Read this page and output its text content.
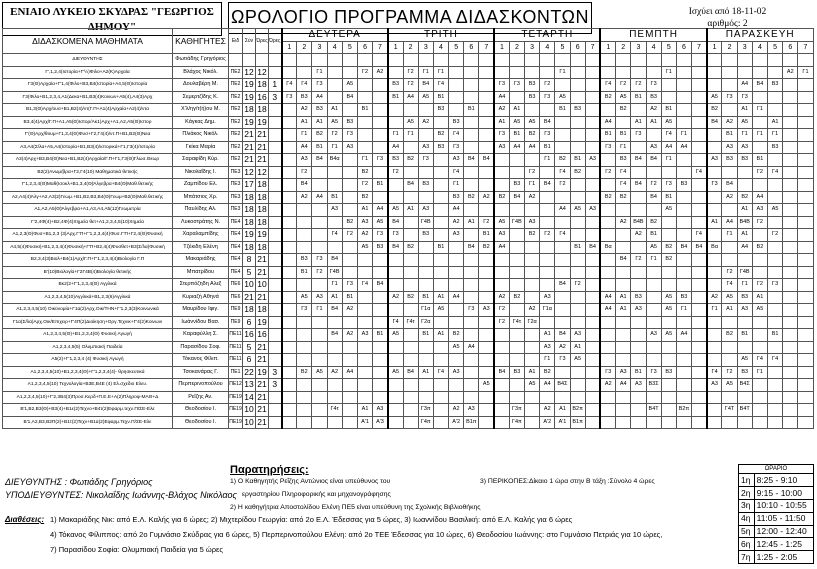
ΕΝΙΑΙΟ ΛΥΚΕΙΟ ΣΚΥΔΡΑΣ "ΓΕΩΡΓΙΟΣ
ΔΗΜΟΥ"	ΩΡΟΛΟΓΙΟ ΠΡΟΓΡΑΜΜΑ ΔΙΔΑΣΚΟΝΤΩΝ	Ισχύει από 18-11-02
αριθμός: 2
ΔΙΔΑΣΚΟΜΕΝΑ ΜΑΘΗΜΑΤΑ	ΚΑΘΗΓΗΤΕΣ	Ειδ	Σύν	Ώρες	Ώρες	ΔΕΥΤΕΡΑ							ΤΡΙΤΗ							ΤΕΤΑΡΤΗ							ΠΕΜΠΤΗ							ΠΑΡΑΣΚΕΥΗ						
						1	2	3	4	5	6	7	1	2	3	4	5	6	7	1	2	3	4	5	6	7	1	2	3	4	5	6	7	1	2	3	4	5	6	7
ΔΙΕΥΘΥΝΤΗΣ	Φωτιάδης Γρηγόριος																																							
Γ',1,2,4(Ιστορία+Γ'½)Φιλο+Α2(Κ)Αρχαία	Βλάχος Νικόλ.	ΠΕ2	12	12				Γ1			Γ2	Α2		Γ2	Γ1	Γ1								Γ1							Γ1								Α2	Γ1
Γ3(Θ)Αρχαία+Γ'1,4(Φιλο+Β3,Β4(Ιστορία+Α4,5(Θ)Ιστορία	Δουλαβέρη Μ.	ΠΕ2	19	18	1	Γ4	Γ4	Γ3		Α5			Β3	Γ2	Β4	Γ4				Γ3	Γ3	Β3	Γ2				Γ4	Γ2	Γ2	Γ3						Α4	Β4	Β3		
Γ3(Φιλο+Β1,2,3,4,Α1(Δεκα+Β1,Β3(4)Κοινων+Α5(4),Α4(3)Αρχ	Σεμερτζίδης Κ.	ΠΕ2	19	16	3	Γ3	Β3	Α4		Β4			Β1	Α4	Α5	Β1				Α4		Β3	Γ3	Α5			Β2	Α5	Β1	Β3				Α5	Γ3	Γ3				
Β1,3(Θ)Αρχ/ουσ+Β1,Β2(4)/ντ(Γ.Π+Α1(4)Αρχαία+Α2(4)/ντα	Χ'λ/ηγ/τ(ή)ου Μ.	ΠΕ2	18	18			Α2	Β3	Α1		Β1					Β3		Β1		Α2	Α1			Β1	Β3			Β2		Α2	Β1			Β2		Α1	Γ1			
Β3,4(4)Αρχ/Γ.Π+Α1,Α5(Θ)Ιστορ/Ακ1)Αρχ+Α1,Α2,Α5(Θ)Ιστορ	Κάγκας Δημ.	ΠΕ2	19	19			Α1	Α1	Α5	Β3				Α5	Α2		Β3			Α1	Α5	Α5	Β4				Α4		Α1	Α1	Α5			Β4	Α2	Α5		Α1		
Γ'(Θ)Αρχ/θουμ+Γ1,3,4(Θ)Φυσ+Γ2,Γ4(4)/ντ.Π+Β1,Β2(Θ)Νεα	Πλιάκος Νικόλ.	ΠΕ2	21	21			Γ1	Β2	Γ2	Γ3			Γ1	Γ1		Β2	Γ4			Γ3	Β1	Β2	Γ3				Β1	Β1	Γ3		Γ4	Γ1			Β1	Γ1	Γ1	Γ1		
Α3,Α4(Σ/λα+Α5,Α4(Ιστορία+Β1,Β3(4)/ιστορικά+Γ1,Γ3(4)/Ιστορία	Γκίκα Μαρία	ΠΕ2	21	21			Α4	Β1	Γ1	Α3			Α4		Α3	Β3	Γ3			Α3	Α4	Α4	Β1				Γ3	Γ1		Α3	Α4	Α4			Α3	Α3		Β3		
Α3(4)Αρχ+Β3,Β4(Θ)Νεα+Β1,Β2(4)Αρχαία/Γ.Π+Γ1,Γ3(Θ)Γλωσ.Θεωρ	Σαραφίδη Κύρ.	ΠΕ2	21	21			Α3	Β4	Β4α		Γ1	Γ3	Β3	Β2	Γ3		Α3	Β4	Β4				Γ1	Β2	Β1	Α3		Β3	Β4	Β4	Γ1			Α3	Β3	Β3	Β1			
Β2(2)Ανωμ/βρα+Γ2,Γ4(10) Μαθηματικά θετικής	Νικολαΐδης Ι.	ΠΕ3	12	12			Γ2				Β2		Γ2				Γ4					Γ2		Γ4	Β2		Γ2	Γ4					Γ4				Γ2	Γ4		
Γ'1,2,3,4(Θ)Μαθ(Ισοκλ+Β1,3,4(Θ)Άλγεβρα+Β4(Θ)Μαθ.θετικής	Ζαμπίδου Ελ.	ΠΕ3	17	18			Β4				Γ2	Β1		Β4	Β3		Γ1				Β3	Γ1	Β4	Γ2				Γ4	Β4	Γ2	Γ3	Β3		Γ3	Β4					
Α2,Α4(4)Άλγ+Α2,Α3(2)Γεωμ.+Β1,Β2,Β3,Β4(Θ)Γεωμ+Β2(Θ)Μαθ.θετικής	Μπάτσιος Χρ.	ΠΕ3	18	18			Α2	Α4	Β1		Β2						Β3	Β2	Α2	Β2	Β4	Α2					Β2	Β2		Β4	Β1				Α2	Β2	Α4			
Α1,Α2,Α5(Θ)Άλγεβρα+Α1,Α3,Α4,Α5(12)Γεωμετρία	Παυλίδης Αλ.	ΠΕ3	18	18					Α3		Α1	Α4	Α5	Α1	Α3		Α4							Α4	Α5	Α3					Α5					Α1	Α3	Α5		
Γ'2,4Φ(4)+Β2,4Φ(4)Χημεία θετ+Α1,2,3,4,5(10)Χημεία	Λυκοστράτης Ν.	ΠΕ4	18	18						Β2	Α3	Α5	Β4		Γ4Β		Α2	Α1	Γ2	Α5	Γ4Β	Α3						Α2	Β4Β	Β2				Α1	Α4	Β4Β	Γ2			
Α1,2,3(Θ)Φυσ+Β1,2,3 (3)Αρχ.Γ'Π+Γ'1,2,3,4(4)Φυσ.Γ'Π+Γ2,4(Θ)Φυσική	Χαραλαμπίδης	ΠΕ4	19	19					Γ4	Γ2	Α2	Γ3	Γ3		Β3		Α3		Β1	Α3		Β2	Γ2	Γ4					Α2	Β1			Γ4		Γ1	Α1		Γ2		
Α4,5(4)Φυσική+Β1,2,3,4(4)Φυσική+Γ'Π+Β2,4(4)Φυσθετ+Β3(Σ/λα)Φυσική	Τζέκιδη Ελένη	ΠΕ4	18	18							Α5	Β3	Β4	Β2		Β1		Β4	Β2	Α4					Β1	Β4	Βα			Α5	Β2	Β4	Β4	Βα		Α4	Β2			
Β2,3,4(3)Βιολ+Β4(1)Αρχ/Γ.Π+Γ'1,2,3,4(4)Βιολογία Γ.Π	Μακαριάδης	ΠΕ4	8	21			Β3	Γ3	Β4																			Β4	Γ2	Γ1	Β2									
Β'(10)Βιολογία+Γ2Γ4Β(4)Βιολογία θετικής	Μπατρίδου	ΠΕ4	5	21			Β1	Γ2	Γ4Β																										Γ2	Γ4Β				
Βκ2(2+Γ'1,2,3,4(Θ) Αγγλικά	Στερπόζηδη Αλεξ	ΠΕ6	10	10					Γ1	Γ3	Γ4	Β4												Β4	Γ2										Γ4	Γ1	Γ2	Γ3		
Α1,2,3,4,5(10)Αγγλικά+Β1,2,3(6)Αγγλικά	Κυριαζή Αθηνά	ΠΕ6	21	21			Α5	Α3	Α1	Β1			Α2	Β2	Β1	Α1	Α4			Α2	Β2		Α3				Α4	Α1	Β3		Α5	Β3		Α2	Α5	Β3	Α1			
Α1,2,3,4,5(10) Οικονομία+Γ1α(2)Αρχ.Οικ/ΤΗΝ+Γ'1,2,3(3)Κοινωνικά	Μαυρίδου Ιφιγ.	ΠΕ9	18	18			Γ3	Γ1	Β4	Α2					Γ1α	Α5		Γ3	Α3	Γ2		Α2	Γ1α				Α4	Α1	Α3		Α5	Γ1		Γ1	Α1	Α3	Α5			
Γ1α(Σ/λα)Αρχ.Οικ/Επιχειρ+Γ'4Π(2)Διοίκηση+Οργ.Τεχνικ+Γ'4(2)Κοινωνι	Ιωάννίδου Βασ.	ΠΕ9	6	19									Γ4	Γ4τ	Γ2α					Γ2	Γ4τ	Γ2α																		
Α1,2,3,4,5(Θ)+Β1,2,3,4(Θ) Φυσική Αγωγή	Καραφύλλη Σ.	ΠΕ11	16	16					Β4	Α2	Α3	Β1	Α5		Β1	Α1	Β2						Α1	Β4	Α3					Α3	Α5	Α4			Β2	Β1		Β1		
Α1,2,3,4,5(5) Ολυμπιακή Παιδεία	Παρασίδου Σοφ.	ΠΕ11	5	21													Α5	Α4					Α3	Α2	Α1															
Α5(2)+Γ'1,2,3,4 (4) Φυσική Αγωγή	Τόκανος Φίλιπ.	ΠΕ11	6	21																			Γ1	Γ3	Α5											Α5	Γ4	Γ4		
Α1,2,3,4,5(10)+Β1,2,3,4(Θ)+Γ'1,2,3,4(4)- θρησκευτικά	Τσοκανάρας Γ.	ΠΕ1	22	19	3		Β2	Α5	Α2	Α4			Α5	Β4	Α1	Γ4	Α3			Β4	Β3	Α1	Β2				Γ3	Α3	Β1	Γ3	Β3			Γ4	Γ2	Β3	Γ1			
Α1,2,3,4,5(10) Τεχνολογία+Β3Ε,Β4Ε (4) Ελ.σχεδιο Ελευ.	Περπερινοπούλου	ΠΕ12	13	21	3														Α5			Α5	Α4	Β4Σ			Α2	Α4	Α3	Β3Σ				Α3	Α5	Β4Σ				
Α1,2,3,4,5(10)+Γ'2,3Β4(3)Προσ.Κερδ+Π.Ε.Ε+Α(2)Πληροφ-ΜΑΘ+Δ	Ρεΐζης Αν.	ΠΕ19	14	21																																				
Β'1,Β2,Β3(Θ)+Β3(4)+Β1ε(2)Τεχνο+Β4τ(2)Εφαρμ.τεχν.Π/ΣΕ-Ελε	Θεοδοσίου Ι.	ΠΕ19	10	21					Γ4τ		Α1	Α3			Γ3π		Α2	Α3			Γ3π		Α2	Α1	Β2π					Β4Τ		Β2π			Γ4Τ	Β4Τ				
Β'1,Α2,Β3,Β2Π(2)+Β1τ(2)Τεχν+Β1α(2)Εφαρμ.Τεχν.Π/ΣΕ-Ελε	Θεοδοσίου Ι.	ΠΕ19	10	21							Α'1	Α'3			Γ4π		Α'2	Β1π			Γ4π		Α'2	Α'1	Β1π															
Παρατηρήσεις:
1) Ο Καθηγητής Ρεΐζης Αντώνιος είναι υπεύθυνος του
εργαστηρίου Πληροφορικής και μηχανογράφησης
2) Η καθηγήτρια Αποστολίδου Ελένη ΠΕ5 είναι υπεύθυνη της Σχολικής Βιβλιοθήκης
3) ΠΕΡΙΚΟΠΕΣ:Δίκαιο 1 ώρα στην Β τάξη :Σύνολο 4 ώρες
ΔΙΕΥΘΥΝΤΗΣ : Φωτιάδης Γρηγόριος
ΥΠΟΔΙΕΥΘΥΝΤΕΣ: Νικολαΐδης Ιωάννης-Βλάχος Νικόλαος
Διαθέσεις: 1) Μακαριάδης Νικ: από Ε.Λ. Καλής για 6 ώρες; 2) Μιχτερίδου Γεωργία: από 2ο Ε.Λ. Έδεσσας για 5 ώρες, 3) Ιωαννίδου Βασιλική: από Ε.Λ. Καλής για 6 ώρες
4) Τόκανος Φίλιππος: από 2ο Γυμνάσιο Σκύδρας για 6 ώρες, 5) Περπερινοπούλου Ελένη: από 2ο ΤΕΕ Έδεσσας για 10 ώρες, 6) Θεοδοσίου Ιωάννης: στο Γυμνάσιο Πετριάς για 10 ώρες,
7) Παρασίδου Σοφία: Ολυμπιακή Παιδεία για 5 ώρες
ΩΡΑΡΙΟ	
1η	8:25 - 9:10
2η	9:15 - 10:00
3η	10:10 - 10:55
4η	11:05 - 11:50
5η	12:00 - 12:40
6η	12:45 - 1:25
7η	1:25 - 2:05
